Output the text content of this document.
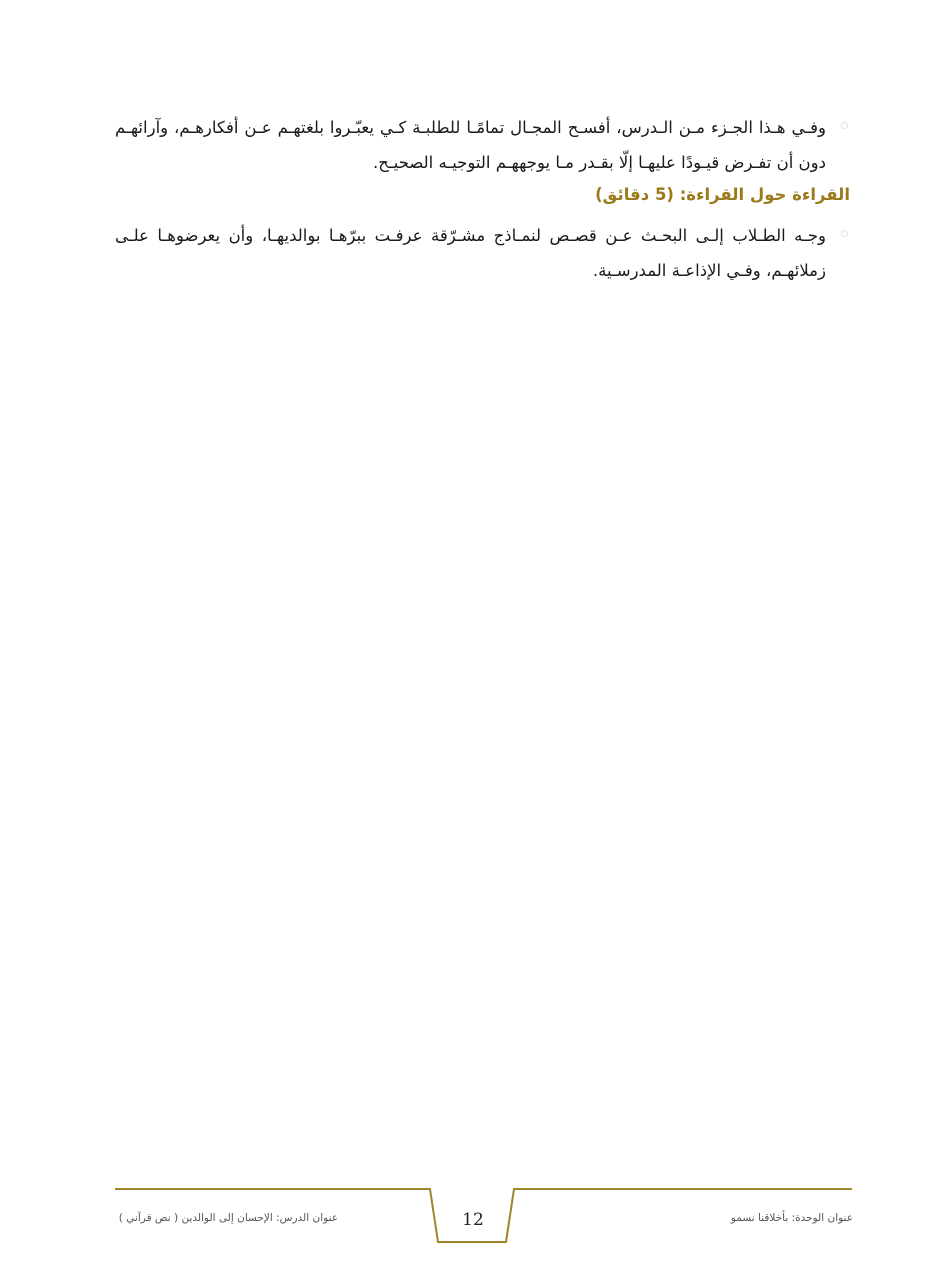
وفـي هـذا الجـزء مـن الـدرس، أفسـح المجـال تمامًـا للطلبـة كـي يعبّـروا بلغتهـم عـن أفكارهـم، وآرائهـم دون أن تفـرض قيـودًا عليهـا إلّا بقـدر مـا يوجههـم التوجيـه الصحيـح.

القراءة حول القراءة: (5 دقائق)

وجـه الطـلاب إلـى البحـث عـن قصـص لنمـاذج مشـرّقة عرفـت ببرّهـا بوالديهـا، وأن يعرضوهـا علـى زملائهـم، وفـي الإذاعـة المدرسـية.

عنوان الوحدة: بأخلاقنا نسمو
عنوان الدرس: الإحسان إلى الوالدين ( نص قرآني )	12
